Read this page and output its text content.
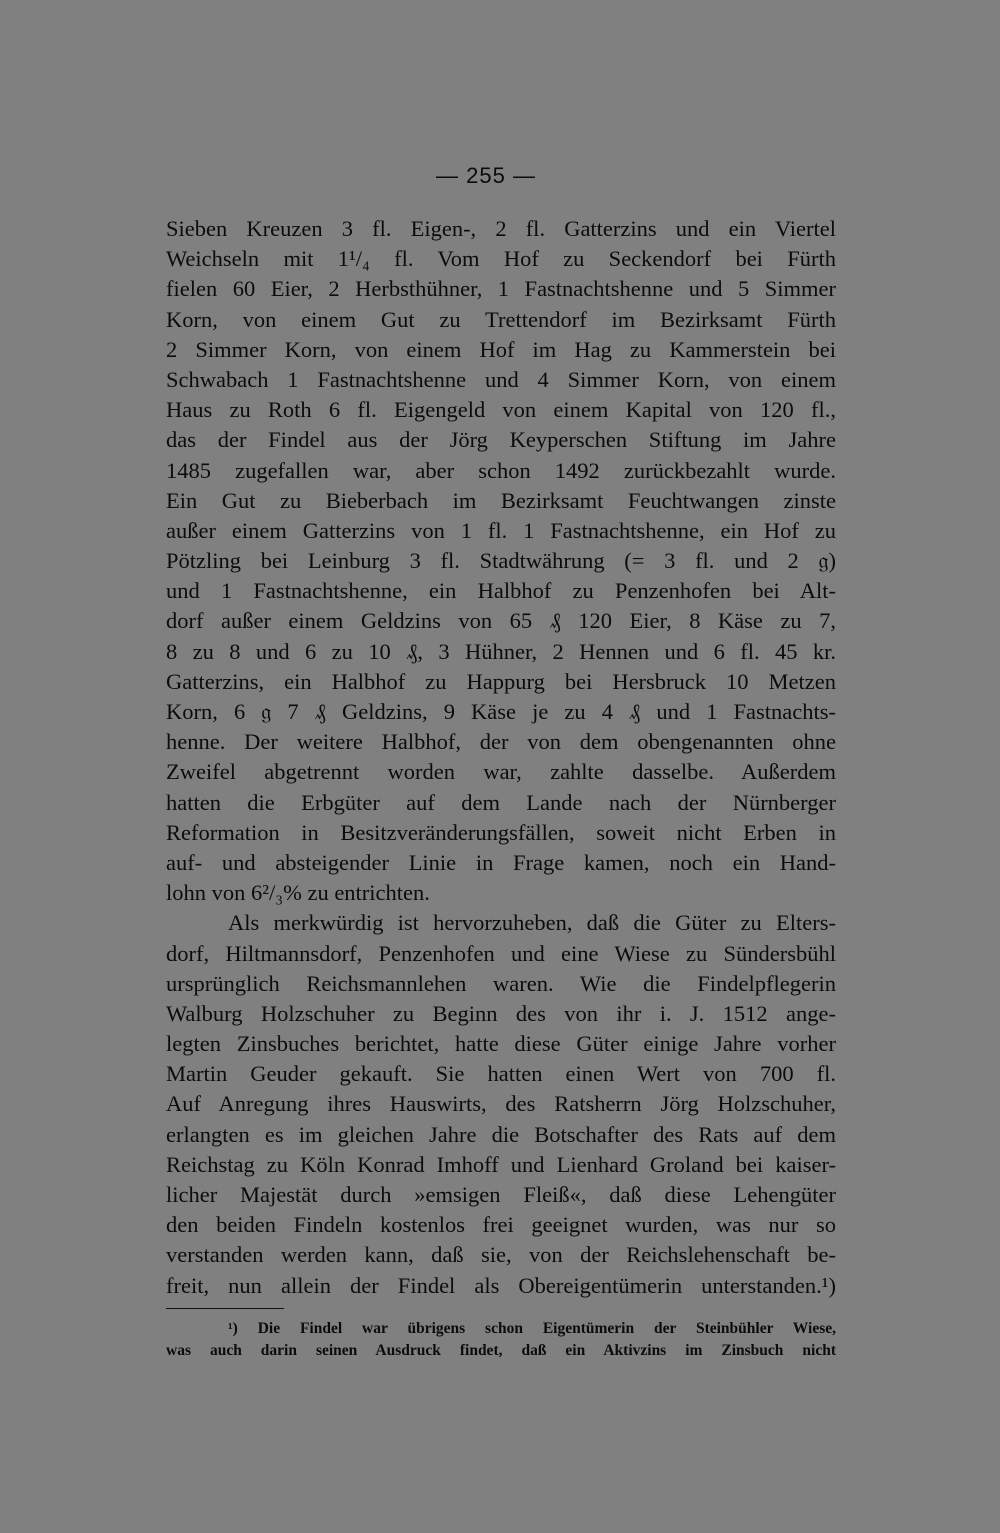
— 255 —
Sieben Kreuzen 3 fl. Eigen-, 2 fl. Gatterzins und ein Viertel
Weichseln mit 1¹/₄ fl. Vom Hof zu Seckendorf bei Fürth
fielen 60 Eier, 2 Herbsthühner, 1 Fastnachtshenne und 5 Simmer
Korn, von einem Gut zu Trettendorf im Bezirksamt Fürth
2 Simmer Korn, von einem Hof im Hag zu Kammerstein bei
Schwabach 1 Fastnachtshenne und 4 Simmer Korn, von einem
Haus zu Roth 6 fl. Eigengeld von einem Kapital von 120 fl.,
das der Findel aus der Jörg Keyperschen Stiftung im Jahre
1485 zugefallen war, aber schon 1492 zurückbezahlt wurde.
Ein Gut zu Bieberbach im Bezirksamt Feuchtwangen zinste
außer einem Gatterzins von 1 fl. 1 Fastnachtshenne, ein Hof zu
Pötzling bei Leinburg 3 fl. Stadtwährung (= 3 fl. und 2 𝔤)
und 1 Fastnachtshenne, ein Halbhof zu Penzenhofen bei Alt-
dorf außer einem Geldzins von 65 ₰ 120 Eier, 8 Käse zu 7,
8 zu 8 und 6 zu 10 ₰, 3 Hühner, 2 Hennen und 6 fl. 45 kr.
Gatterzins, ein Halbhof zu Happurg bei Hersbruck 10 Metzen
Korn, 6 𝔤 7 ₰ Geldzins, 9 Käse je zu 4 ₰ und 1 Fastnachts-
henne. Der weitere Halbhof, der von dem obengenannten ohne
Zweifel abgetrennt worden war, zahlte dasselbe. Außerdem
hatten die Erbgüter auf dem Lande nach der Nürnberger
Reformation in Besitzveränderungsfällen, soweit nicht Erben in
auf- und absteigender Linie in Frage kamen, noch ein Hand-
lohn von 6²/₃% zu entrichten.
Als merkwürdig ist hervorzuheben, daß die Güter zu Elters-
dorf, Hiltmannsdorf, Penzenhofen und eine Wiese zu Sündersbühl
ursprünglich Reichsmannlehen waren. Wie die Findelpflegerin
Walburg Holzschuher zu Beginn des von ihr i. J. 1512 ange-
legten Zinsbuches berichtet, hatte diese Güter einige Jahre vorher
Martin Geuder gekauft. Sie hatten einen Wert von 700 fl.
Auf Anregung ihres Hauswirts, des Ratsherrn Jörg Holzschuher,
erlangten es im gleichen Jahre die Botschafter des Rats auf dem
Reichstag zu Köln Konrad Imhoff und Lienhard Groland bei kaiser-
licher Majestät durch »emsigen Fleiß«, daß diese Lehengüter
den beiden Findeln kostenlos frei geeignet wurden, was nur so
verstanden werden kann, daß sie, von der Reichslehenschaft be-
freit, nun allein der Findel als Obereigentümerin unterstanden.¹)
¹) Die Findel war übrigens schon Eigentümerin der Steinbühler Wiese,
was auch darin seinen Ausdruck findet, daß ein Aktivzins im Zinsbuch nicht
